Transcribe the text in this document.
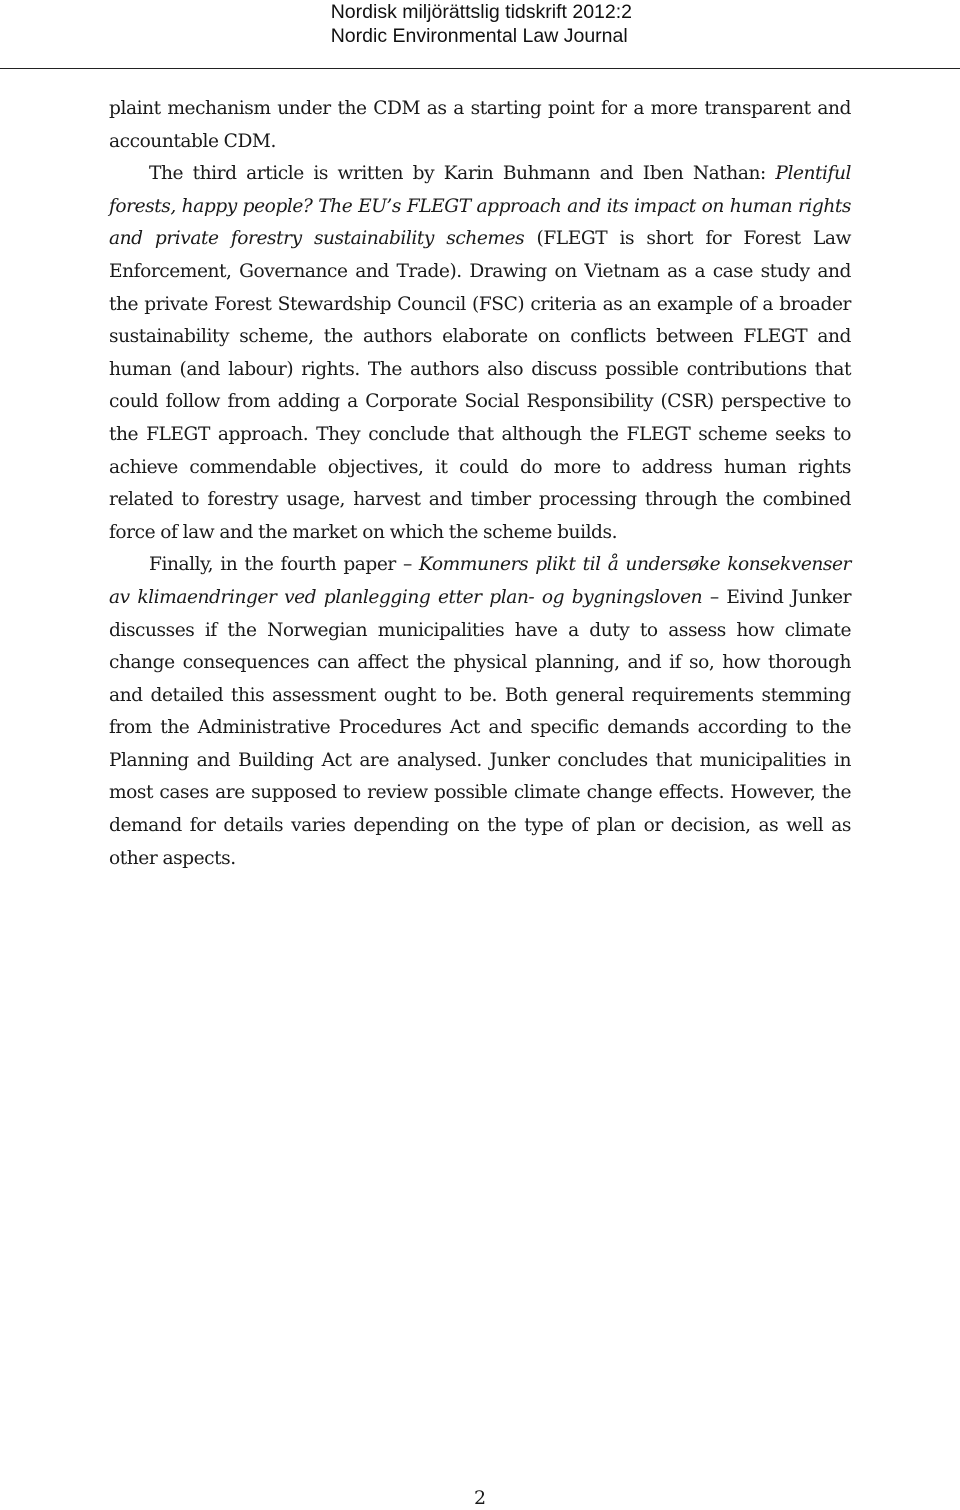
Nordisk miljörättslig tidskrift 2012:2
Nordic Environmental Law Journal

plaint mechanism under the CDM as a starting point for a more transparent and accountable CDM.

The third article is written by Karin Buhmann and Iben Nathan: Plentiful forests, happy people? The EU’s FLEGT approach and its impact on human rights and private forestry sustainability schemes (FLEGT is short for Forest Law Enforcement, Governance and Trade). Drawing on Vietnam as a case study and the private Forest Stewardship Council (FSC) criteria as an example of a broader sustainability scheme, the authors elaborate on conflicts between FLEGT and human (and labour) rights. The authors also discuss possible contributions that could follow from adding a Corporate Social Responsibility (CSR) perspective to the FLEGT approach. They conclude that although the FLEGT scheme seeks to achieve commendable objectives, it could do more to address human rights related to forestry usage, harvest and timber processing through the combined force of law and the market on which the scheme builds.

Finally, in the fourth paper – Kommuners plikt til å undersøke konsekvenser av klimaendringer ved planlegging etter plan- og bygningsloven – Eivind Junker discusses if the Norwegian municipalities have a duty to assess how climate change consequences can affect the physical planning, and if so, how thorough and detailed this assessment ought to be. Both general requirements stemming from the Administrative Procedures Act and specific demands according to the Planning and Building Act are analysed. Junker concludes that municipalities in most cases are supposed to review possible climate change effects. However, the demand for details varies depending on the type of plan or decision, as well as other aspects.

2
